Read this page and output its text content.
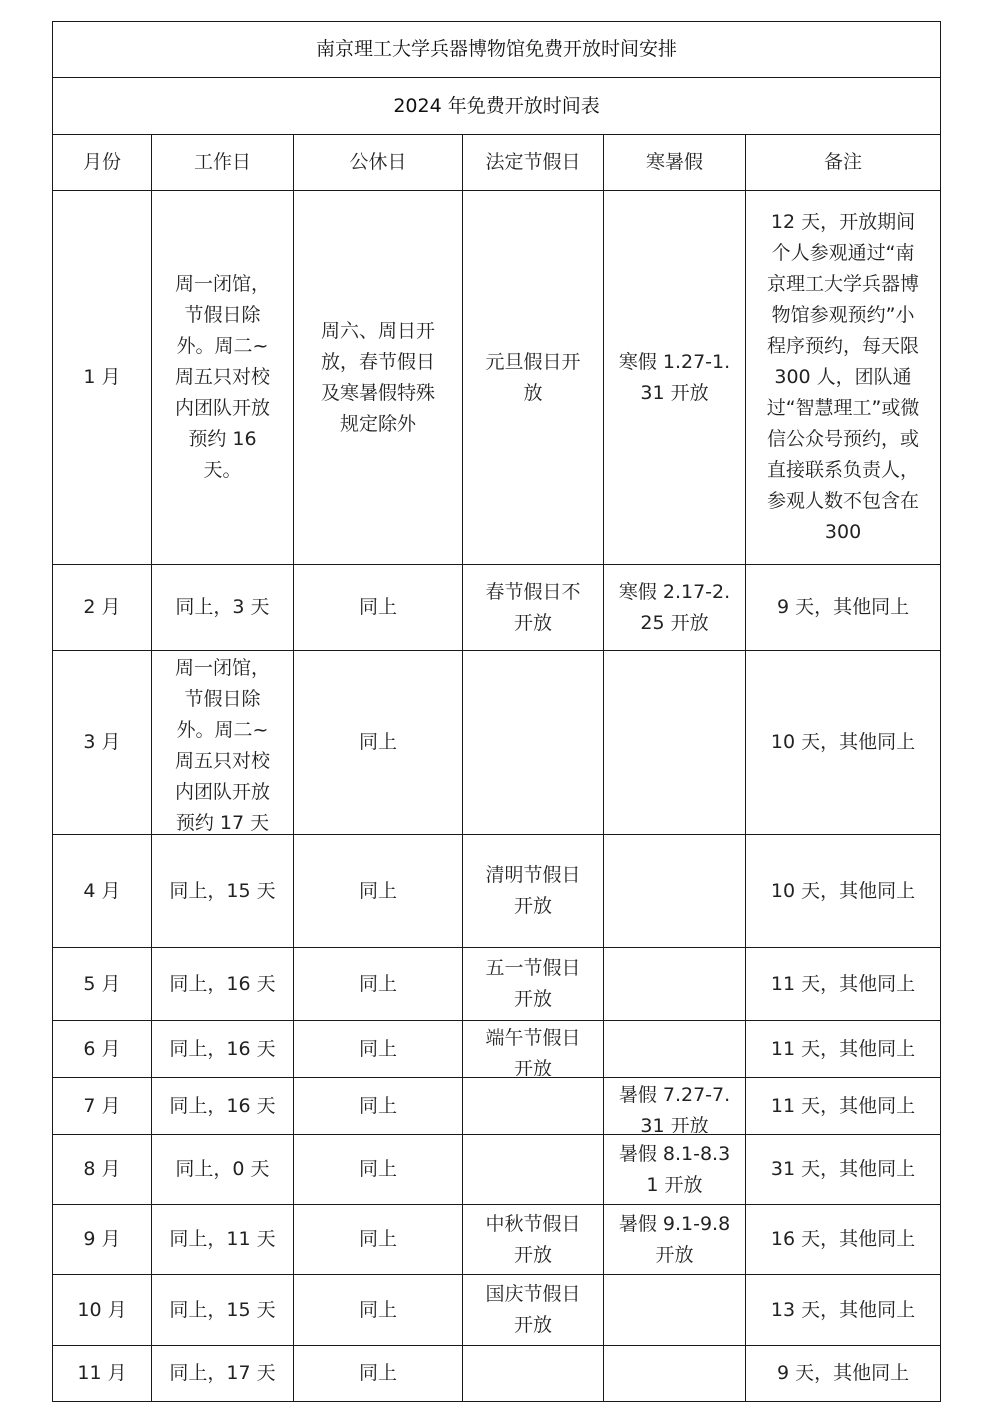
南京理工大学兵器博物馆免费开放时间安排					
2024 年免费开放时间表					
月份	工作日	公休日	法定节假日	寒暑假	备注

1 月	周一闭馆，节假日除外。周二~周五只对校内团队开放预约 16 天。	周六、周日开放，春节假日及寒暑假特殊规定除外	元旦假日开放	寒假 1.27-1.31 开放	12 天，开放期间个人参观通过“南京理工大学兵器博物馆参观预约”小程序预约，每天限 300 人，团队通过“智慧理工”或微信公众号预约，或直接联系负责人，参观人数不包含在 300

2 月	同上，3 天	同上	春节假日不开放	寒假 2.17-2.25 开放	9 天，其他同上

3 月	周一闭馆，节假日除外。周二~周五只对校内团队开放预约 17 天	同上			10 天，其他同上

4 月	同上，15 天	同上	清明节假日开放		10 天，其他同上

5 月	同上，16 天	同上	五一节假日开放		11 天，其他同上

6 月	同上，16 天	同上	端午节假日开放		11 天，其他同上

7 月	同上，16 天	同上		暑假 7.27-7.31 开放	11 天，其他同上

8 月	同上，0 天	同上		暑假 8.1-8.31 开放	31 天，其他同上

9 月	同上，11 天	同上	中秋节假日开放	暑假 9.1-9.8 开放	16 天，其他同上

10 月	同上，15 天	同上	国庆节假日开放		13 天，其他同上

11 月	同上，17 天	同上			9 天，其他同上
